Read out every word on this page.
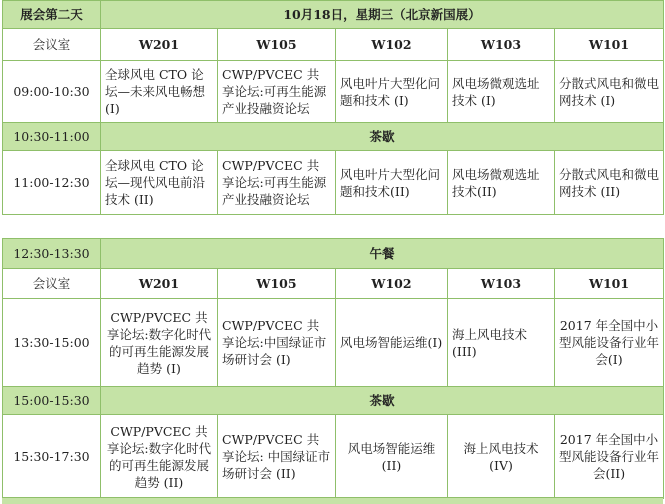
展会第二天	10月18日，星期三（北京新国展）				
会议室	W201	W105	W102	W103	W101
09:00-10:30	全球风电 CTO 论坛—未来风电畅想(I)	CWP/PVCEC 共享论坛:可再生能源产业投融资论坛	风电叶片大型化问题和技术 (I)	风电场微观选址技术 (I)	分散式风电和微电网技术 (I)
10:30-11:00	茶歇				
11:00-12:30	全球风电 CTO 论坛—现代风电前沿技术 (II)	CWP/PVCEC 共享论坛:可再生能源产业投融资论坛	风电叶片大型化问题和技术(II)	风电场微观选址技术(II)	分散式风电和微电网技术 (II)
12:30-13:30	午餐				
会议室	W201	W105	W102	W103	W101
13:30-15:00	CWP/PVCEC 共享论坛:数字化时代的可再生能源发展趋势 (I)	CWP/PVCEC 共享论坛:中国绿证市场研讨会 (I)	风电场智能运维(I)	海上风电技术(III)	2017 年全国中小型风能设备行业年会(I)
15:00-15:30	茶歇				
15:30-17:30	CWP/PVCEC 共享论坛:数字化时代的可再生能源发展趋势 (II)	CWP/PVCEC 共享论坛: 中国绿证市场研讨会 (II)	风电场智能运维(II)	海上风电技术(IV)	2017 年全国中小型风能设备行业年会(II)
